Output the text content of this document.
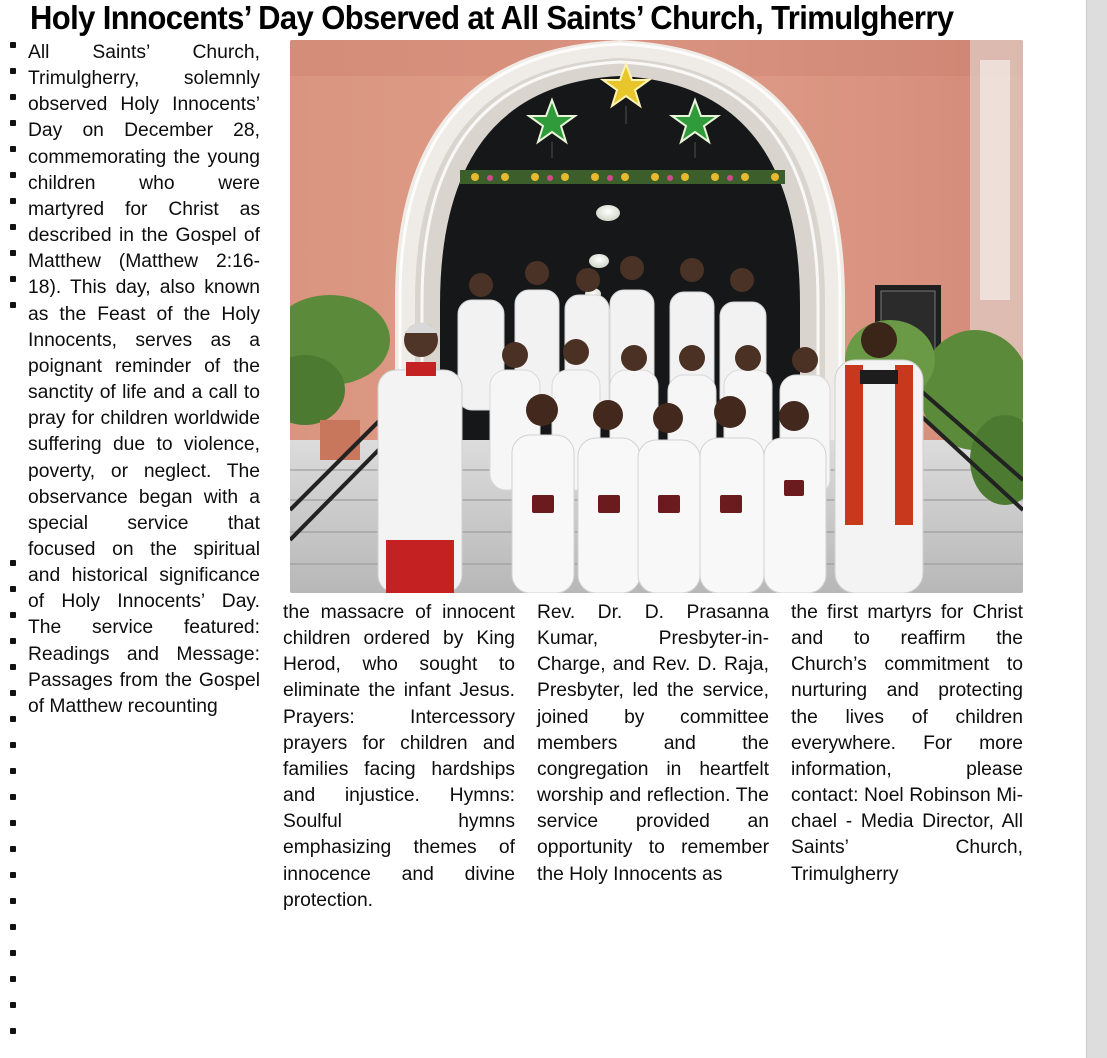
Holy Innocents’ Day Observed at All Saints’ Church, Trimulgherry

All Saints’ Church, Trimulgherry, solemnly observed Holy Innocents’ Day on December 28, commemorating the young children who were martyred for Christ as described in the Gospel of Matthew (Matthew 2:16-18). This day, also known as the Feast of the Holy Innocents, serves as a poignant reminder of the sanctity of life and a call to pray for children worldwide suffering due to violence, poverty, or neglect. The observance began with a special service that focused on the spiritual and historical significance of Holy Innocents’ Day. The service featured: Readings and Message: Passages from the Gospel of Matthew recounting

the massacre of innocent children ordered by King Herod, who sought to eliminate the infant Jesus. Prayers: Intercessory prayers for children and families facing hardships and injustice. Hymns: Soulful hymns emphasizing themes of innocence and divine protection.

Rev. Dr. D. Prasanna Kumar, Presbyter-in-Charge, and Rev. D. Raja, Presbyter, led the service, joined by committee members and the congregation in heartfelt worship and reflection. The service provided an opportunity to remember the Holy Innocents as

the first martyrs for Christ and to reaffirm the Church’s commitment to nurturing and protecting the lives of children everywhere. For more information, please contact: Noel Robinson Michael - Media Director, All Saints’ Church, Trimulgherry
